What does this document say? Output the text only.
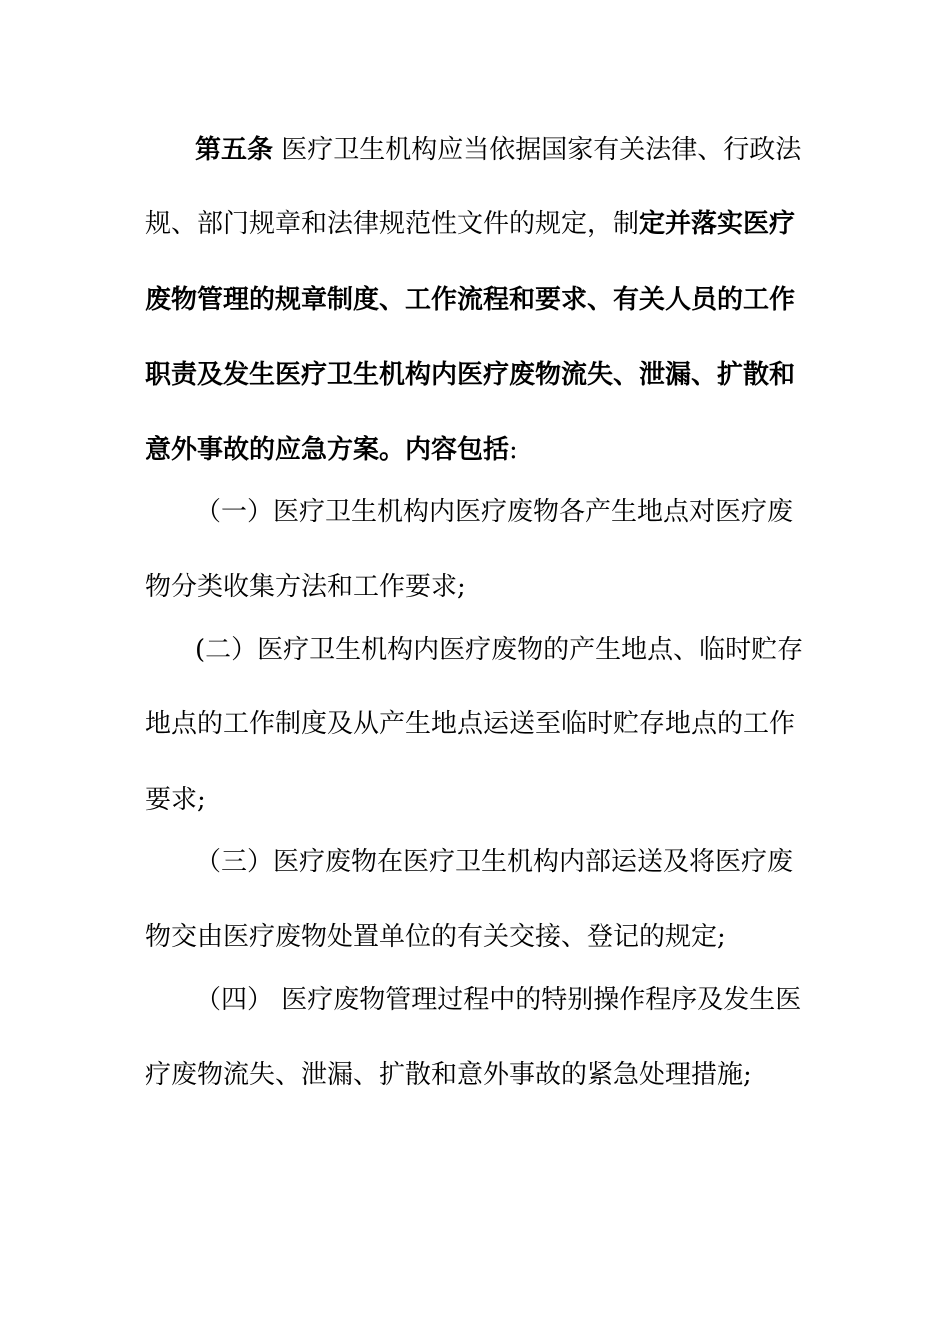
第五条 医疗卫生机构应当依据国家有关法律、行政法
规、部门规章和法律规范性文件的规定，制定并落实医疗
废物管理的规章制度、工作流程和要求、有关人员的工作
职责及发生医疗卫生机构内医疗废物流失、泄漏、扩散和
意外事故的应急方案。内容包括:
（一）医疗卫生机构内医疗废物各产生地点对医疗废
物分类收集方法和工作要求;
(二）医疗卫生机构内医疗废物的产生地点、临时贮存
地点的工作制度及从产生地点运送至临时贮存地点的工作
要求;
（三）医疗废物在医疗卫生机构内部运送及将医疗废
物交由医疗废物处置单位的有关交接、登记的规定;
（四） 医疗废物管理过程中的特别操作程序及发生医
疗废物流失、泄漏、扩散和意外事故的紧急处理措施;
